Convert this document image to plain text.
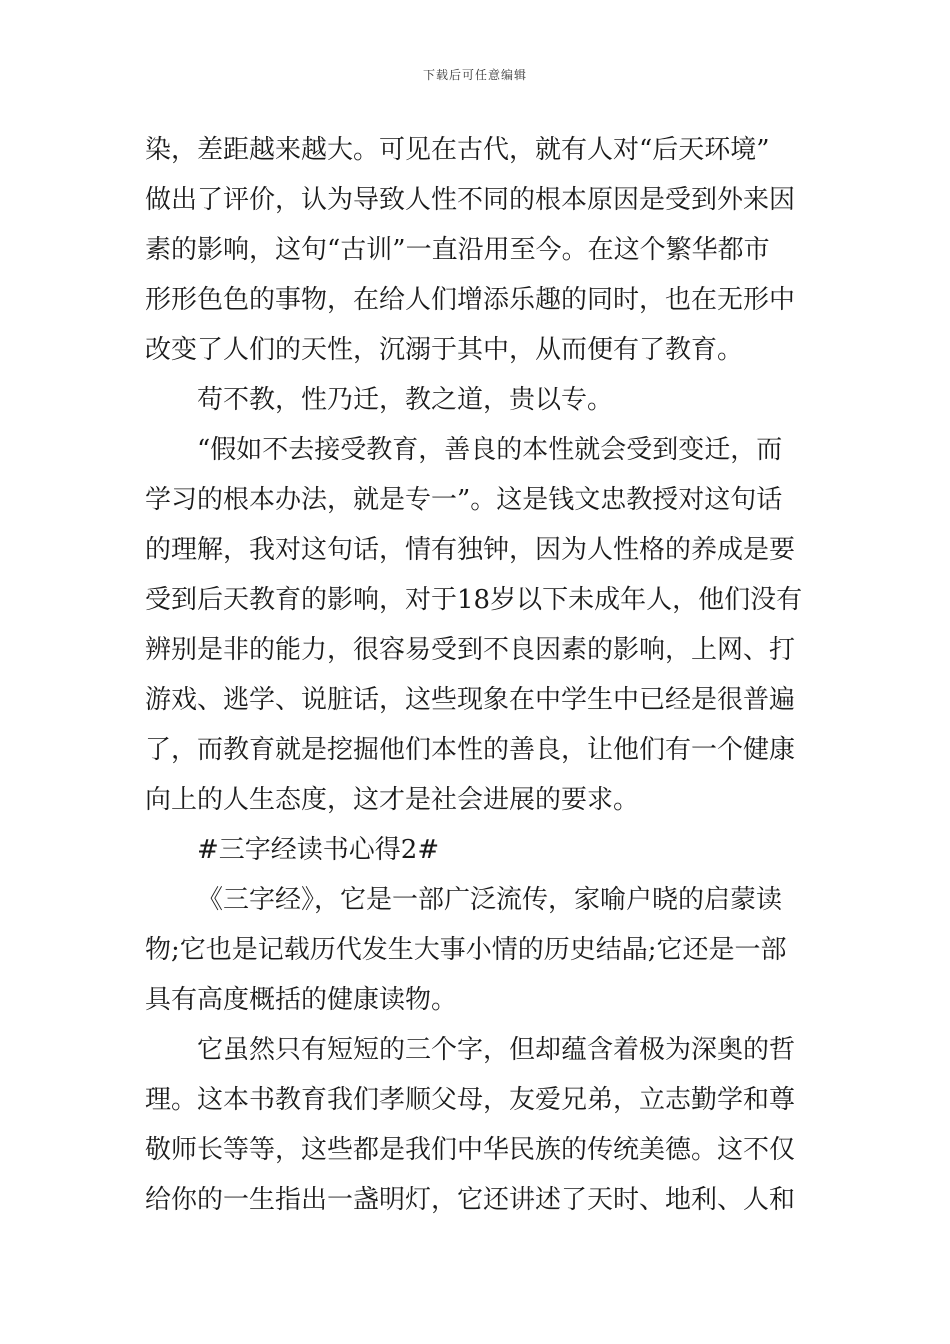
下载后可任意编辑
染，差距越来越大。可见在古代，就有人对“后天环境”
做出了评价，认为导致人性不同的根本原因是受到外来因
素的影响，这句“古训”一直沿用至今。在这个繁华都市
形形色色的事物，在给人们增添乐趣的同时，也在无形中
改变了人们的天性，沉溺于其中，从而便有了教育。
苟不教，性乃迁，教之道，贵以专。
“假如不去接受教育，善良的本性就会受到变迁，而
学习的根本办法，就是专一”。这是钱文忠教授对这句话
的理解，我对这句话，情有独钟，因为人性格的养成是要
受到后天教育的影响，对于18岁以下未成年人，他们没有
辨别是非的能力，很容易受到不良因素的影响，上网、打
游戏、逃学、说脏话，这些现象在中学生中已经是很普遍
了，而教育就是挖掘他们本性的善良，让他们有一个健康
向上的人生态度，这才是社会进展的要求。
#三字经读书心得2#
《三字经》，它是一部广泛流传，家喻户晓的启蒙读
物;它也是记载历代发生大事小情的历史结晶;它还是一部
具有高度概括的健康读物。
它虽然只有短短的三个字，但却蕴含着极为深奥的哲
理。这本书教育我们孝顺父母，友爱兄弟，立志勤学和尊
敬师长等等，这些都是我们中华民族的传统美德。这不仅
给你的一生指出一盏明灯，它还讲述了天时、地利、人和
